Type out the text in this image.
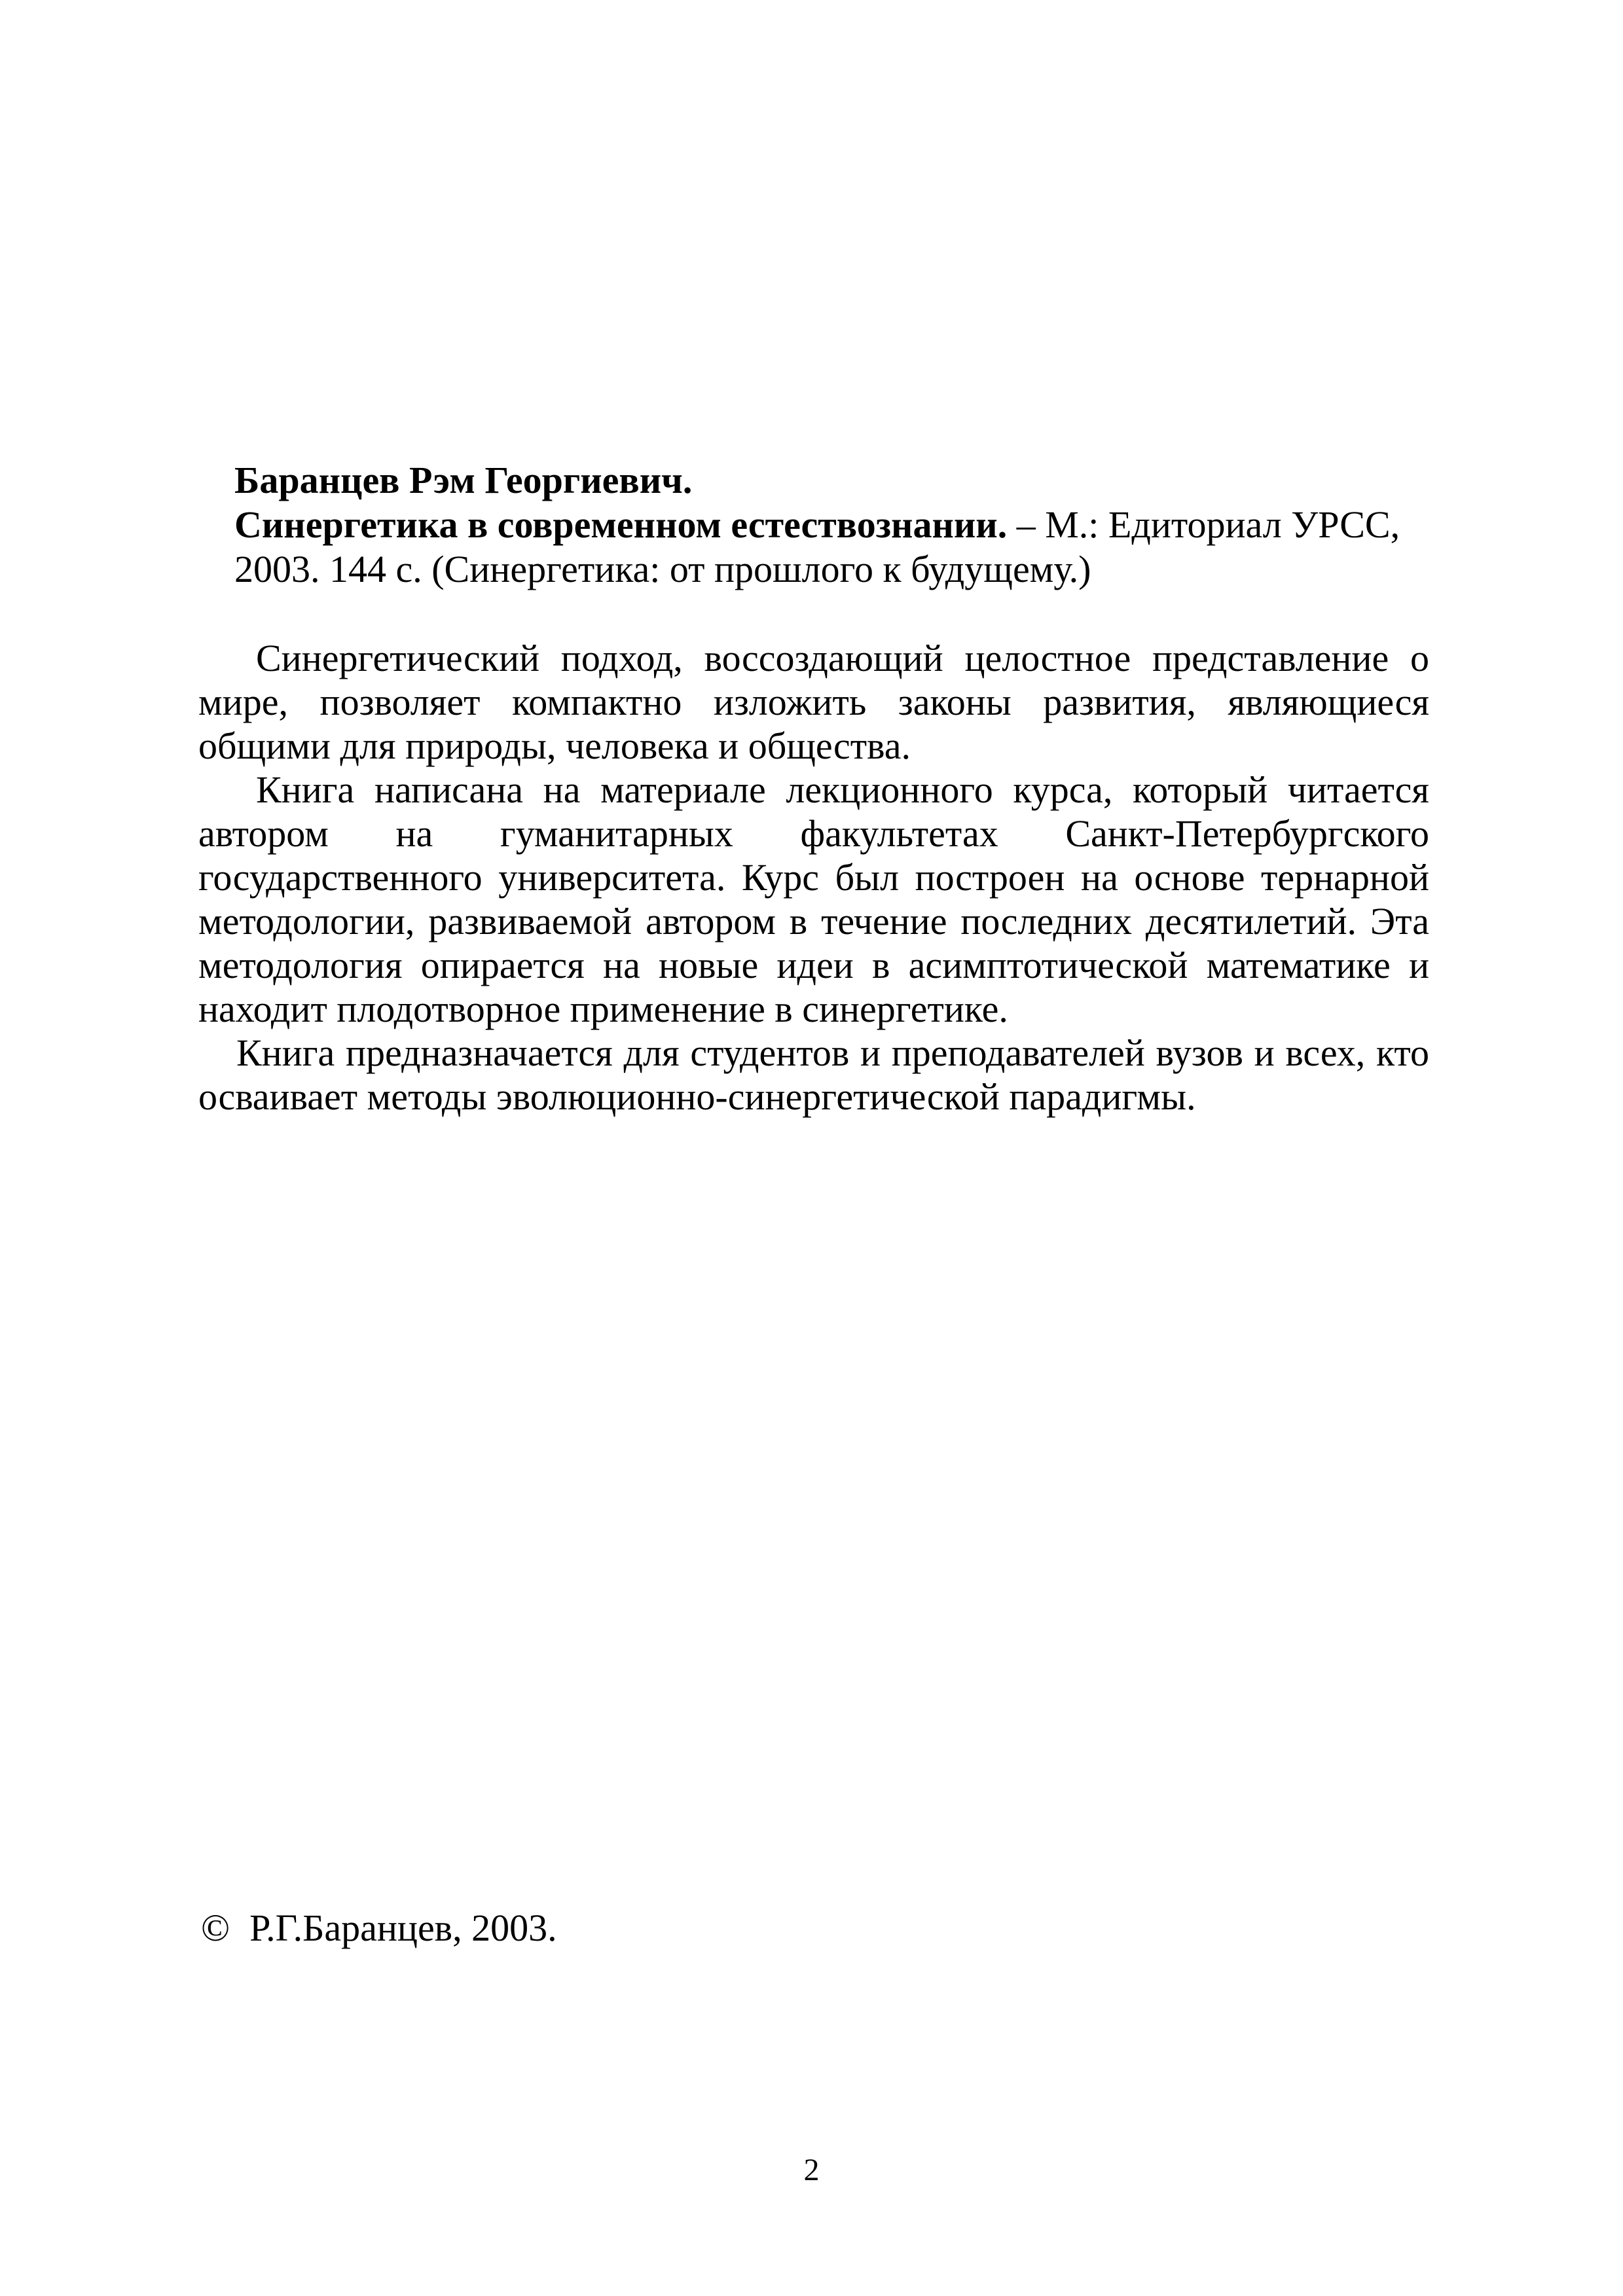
Баранцев Рэм Георгиевич.
Синергетика в современном естествознании. – М.: Едиториал УРСС,
2003. 144 с. (Синергетика: от прошлого к будущему.)

Синергетический подход, воссоздающий целостное представление о мире, позволяет компактно изложить законы развития, являющиеся общими для природы, человека и общества.

Книга написана на материале лекционного курса, который читается автором на гуманитарных факультетах Санкт-Петербургского государственного университета. Курс был построен на основе тернарной методологии, развиваемой автором в течение последних десятилетий. Эта методология опирается на новые идеи в асимптотической математике и находит плодотворное применение в синергетике.

Книга предназначается для студентов и преподавателей вузов и всех, кто осваивает методы эволюционно-синергетической парадигмы.

© Р.Г.Баранцев, 2003.
2
